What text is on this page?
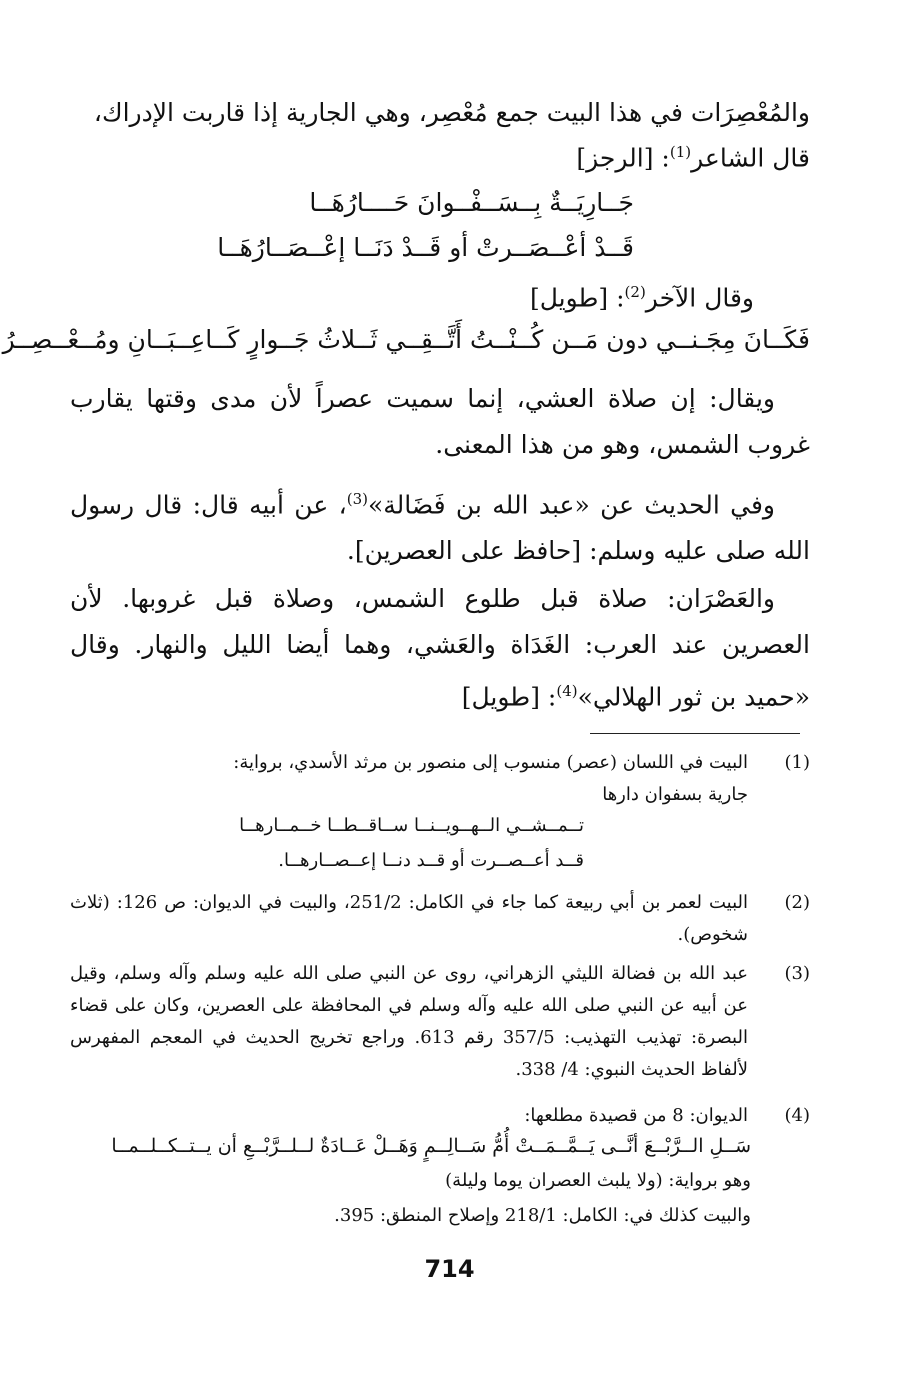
والمُعْصِرَات في هذا البيت جمع مُعْصِر، وهي الجارية إذا قاربت الإدراك،
قال الشاعر$^{(1)}$: [الرجز]
جَــارِيَــةٌ بِــسَــفْــوانَ حَــــارُهَــا
قَــدْ أعْــصَــرتْ أو قَــدْ دَنَــا إعْــصَــارُهَــا
وقال الآخر$^{(2)}$: [طويل]
فَكَــانَ مِجَـنــي دون مَــن كُــنْــتُ أَتَّــقِــي ثَــلاثُ جَــوارٍ كَــاعِــبَــانِ ومُــعْــصِــرُ
ويقال: إن صلاة العشي، إنما سميت عصراً لأن مدى وقتها يقارب غروب الشمس، وهو من هذا المعنى.
وفي الحديث عن «عبد الله بن فَضَالة»$^{(3)}$، عن أبيه قال: قال رسول الله صلى عليه وسلم: [حافظ على العصرين].
والعَصْرَان: صلاة قبل طلوع الشمس، وصلاة قبل غروبها. لأن العصرين عند العرب: الغَدَاة والعَشي، وهما أيضا الليل والنهار. وقال «حميد بن ثور الهلالي»$^{(4)}$: [طويل]
(1)
البيت في اللسان (عصر) منسوب إلى منصور بن مرثد الأسدي، برواية:
جارية بسفوان دارها
تــمــشــي الــهــويــنــا ســاقــطــا خــمــارهــا
قــد أعــصــرت أو قــد دنــا إعــصــارهــا.
(2)
البيت لعمر بن أبي ربيعة كما جاء في الكامل: 251/2، والبيت في الديوان: ص 126: (ثلاث شخوص).
(3)
عبد الله بن فضالة الليثي الزهراني، روى عن النبي صلى الله عليه وسلم وآله وسلم، وقيل عن أبيه عن النبي صلى الله عليه وآله وسلم في المحافظة على العصرين، وكان على قضاء البصرة: تهذيب التهذيب: 357/5 رقم 613. وراجع تخريج الحديث في المعجم المفهرس لألفاظ الحديث النبوي: 4/ 338.
(4)
الديوان: 8 من قصيدة مطلعها:
سَــلِ الــرَّبْــعَ أنَّــى يَــمَّــمَــتْ أُمُّ سَــالِــمٍ وَهَــلْ عَــادَةٌ لــلــرَّبْــعِ أن يــتــكــلــمــا
وهو برواية: (ولا يلبث العصران يوما وليلة)
والبيت كذلك في: الكامل: 218/1 وإصلاح المنطق: 395.
714
